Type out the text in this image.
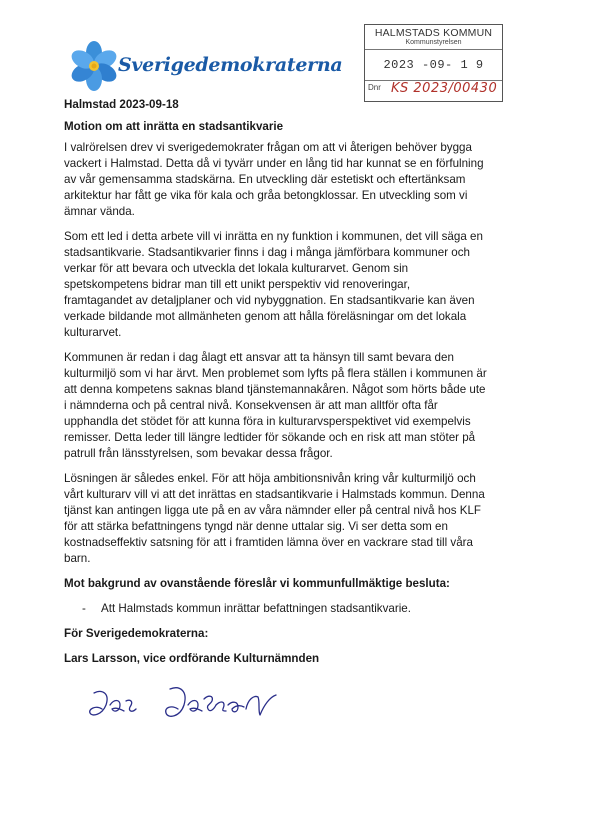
Sverigedemokraterna
HALMSTADS KOMMUN
Kommunstyrelsen
2023 -09- 1 9
Dnr KS 2023/00430

Halmstad 2023-09-18

Motion om att inrätta en stadsantikvarie

I valrörelsen drev vi sverigedemokrater frågan om att vi återigen behöver bygga
vackert i Halmstad. Detta då vi tyvärr under en lång tid har kunnat se en förfulning
av vår gemensamma stadskärna. En utveckling där estetiskt och eftertänksam
arkitektur har fått ge vika för kala och gråa betongklossar. En utveckling som vi
ämnar vända.

Som ett led i detta arbete vill vi inrätta en ny funktion i kommunen, det vill säga en
stadsantikvarie. Stadsantikvarier finns i dag i många jämförbara kommuner och
verkar för att bevara och utveckla det lokala kulturarvet. Genom sin
spetskompetens bidrar man till ett unikt perspektiv vid renoveringar,
framtagandet av detaljplaner och vid nybyggnation. En stadsantikvarie kan även
verkade bildande mot allmänheten genom att hålla föreläsningar om det lokala
kulturarvet.

Kommunen är redan i dag ålagt ett ansvar att ta hänsyn till samt bevara den
kulturmiljö som vi har ärvt. Men problemet som lyfts på flera ställen i kommunen är
att denna kompetens saknas bland tjänstemannakåren. Något som hörts både ute
i nämnderna och på central nivå. Konsekvensen är att man alltför ofta får
upphandla det stödet för att kunna föra in kulturarvsperspektivet vid exempelvis
remisser. Detta leder till längre ledtider för sökande och en risk att man stöter på
patrull från länsstyrelsen, som bevakar dessa frågor.

Lösningen är således enkel. För att höja ambitionsnivån kring vår kulturmiljö och
vårt kulturarv vill vi att det inrättas en stadsantikvarie i Halmstads kommun. Denna
tjänst kan antingen ligga ute på en av våra nämnder eller på central nivå hos KLF
för att stärka befattningens tyngd när denne uttalar sig. Vi ser detta som en
kostnadseffektiv satsning för att i framtiden lämna över en vackrare stad till våra
barn.

Mot bakgrund av ovanstående föreslår vi kommunfullmäktige besluta:

- Att Halmstads kommun inrättar befattningen stadsantikvarie.

För Sverigedemokraterna:

Lars Larsson, vice ordförande Kulturnämnden
